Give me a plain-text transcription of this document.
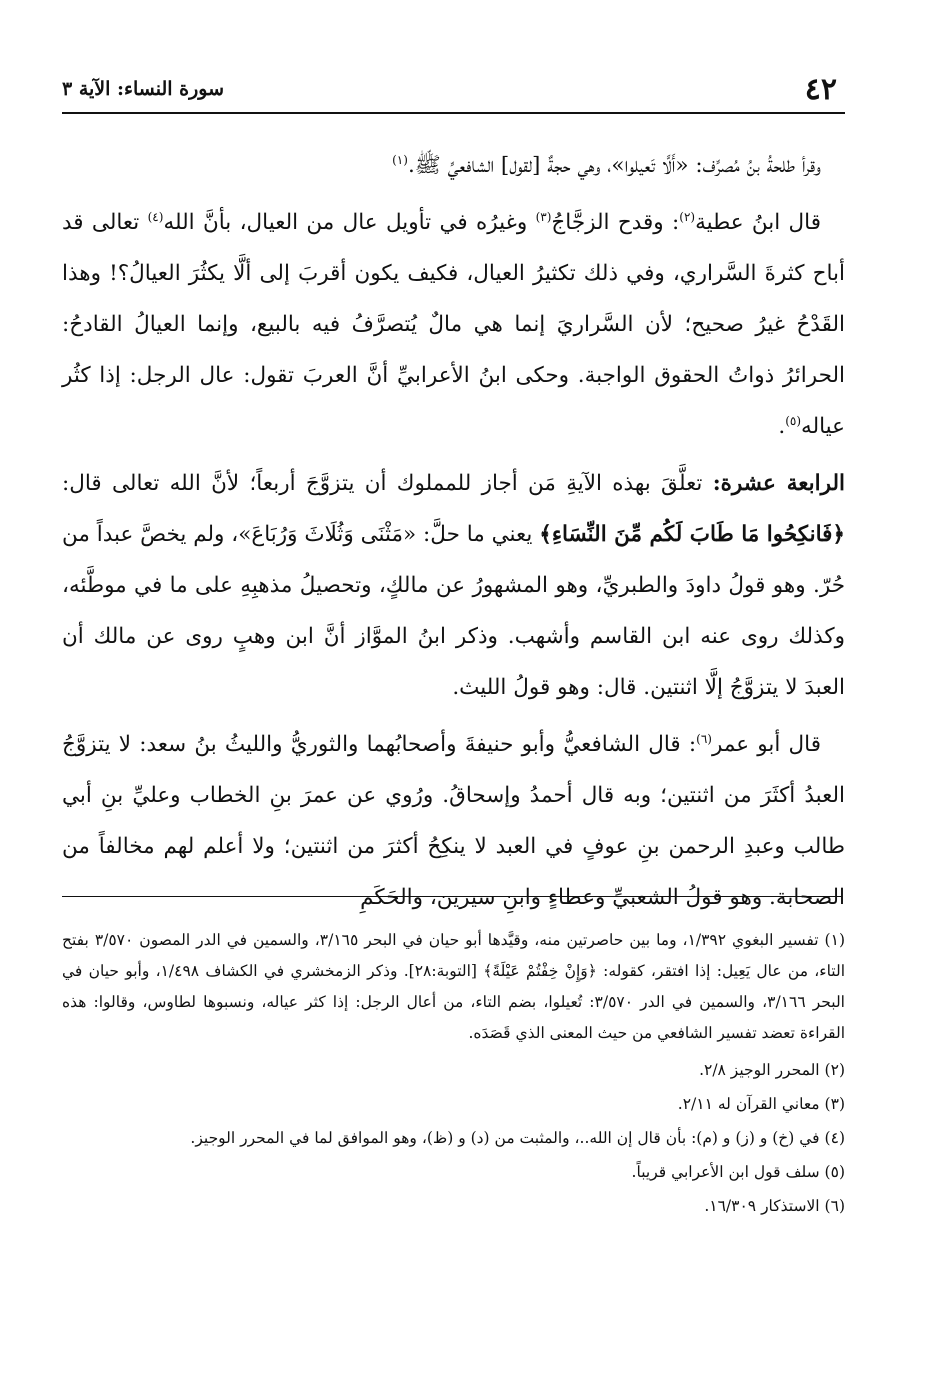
٤٢
سورة النساء: الآية ٣

وقرأ طلحةُ بنُ مُصرِّف: «أَلَّا تَعيلوا»، وهي حجةٌ [لقول] الشافعيِّ ﷺ.$^{(١)}$

قال ابنُ عطية$^{(٢)}$: وقدح الزجَّاجُ$^{(٣)}$ وغيرُه في تأويل عال من العيال، بأنَّ الله$^{(٤)}$ تعالى قد أباح كثرةَ السَّراري، وفي ذلك تكثيرُ العيال، فكيف يكون أقربَ إلى ألَّا يكثُرَ العيالُ؟! وهذا القَدْحُ غيرُ صحيح؛ لأن السَّراريَ إنما هي مالٌ يُتصرَّفُ فيه بالبيع، وإنما العيالُ القادحُ: الحرائرُ ذواتُ الحقوق الواجبة. وحكى ابنُ الأعرابيِّ أنَّ العربَ تقول: عال الرجل: إذا كثُر عياله$^{(٥)}$.

الرابعة عشرة: تعلَّقَ بهذه الآيةِ مَن أجاز للمملوك أن يتزوَّجَ أربعاً؛ لأنَّ الله تعالى قال: ﴿فَانكِحُوا مَا طَابَ لَكُم مِّنَ النِّسَاءِ﴾ يعني ما حلَّ: «مَثْنَى وَثُلَاثَ وَرُبَاعَ»، ولم يخصَّ عبداً من حُرّ. وهو قولُ داودَ والطبريِّ، وهو المشهورُ عن مالكٍ، وتحصيلُ مذهبِهِ على ما في موطَّئه، وكذلك روى عنه ابن القاسم وأشهب. وذكر ابنُ الموَّاز أنَّ ابن وهبٍ روى عن مالك أن العبدَ لا يتزوَّجُ إلَّا اثنتين. قال: وهو قولُ الليث.

قال أبو عمر$^{(٦)}$: قال الشافعيُّ وأبو حنيفةَ وأصحابُهما والثوريُّ والليثُ بنُ سعد: لا يتزوَّجُ العبدُ أكثَرَ من اثنتين؛ وبه قال أحمدُ وإسحاقُ. ورُوي عن عمرَ بنِ الخطاب وعليِّ بنِ أبي طالب وعبدِ الرحمن بنِ عوفٍ في العبد لا ينكِحُ أكثرَ من اثنتين؛ ولا أعلم لهم مخالفاً من الصحابة. وهو قولُ الشعبيِّ وعطاءٍ وابنِ سيرين، والحَكَمِ

(١) تفسير البغوي ١/٣٩٢، وما بين حاصرتين منه، وقيَّدها أبو حيان في البحر ٣/١٦٥، والسمين في الدر المصون ٣/٥٧٠ بفتح التاء، من عال يَعِيل: إذا افتقر، كقوله: ﴿وَإِنْ خِفْتُمْ عَيْلَةً﴾ [التوبة:٢٨]. وذكر الزمخشري في الكشاف ١/٤٩٨، وأبو حيان في البحر ٣/١٦٦، والسمين في الدر ٣/٥٧٠: تُعيلوا، بضم التاء، من أعال الرجل: إذا كثر عياله، ونسبوها لطاوس، وقالوا: هذه القراءة تعضد تفسير الشافعي من حيث المعنى الذي قَصَدَه.
(٢) المحرر الوجيز ٢/٨.
(٣) معاني القرآن له ٢/١١.
(٤) في (خ) و (ز) و (م): بأن قال إن الله..، والمثبت من (د) و (ظ)، وهو الموافق لما في المحرر الوجيز.
(٥) سلف قول ابن الأعرابي قريباً.
(٦) الاستذكار ١٦/٣٠٩.
